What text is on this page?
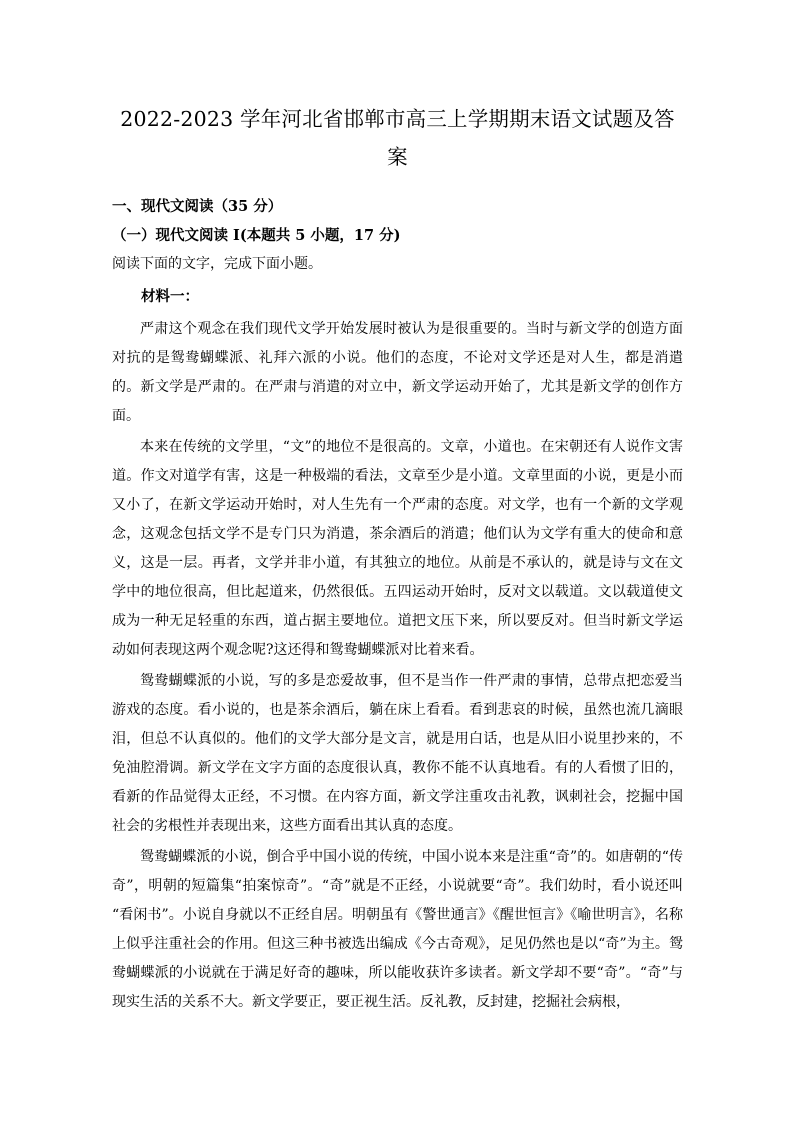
2022-2023 学年河北省邯郸市高三上学期期末语文试题及答案
一、现代文阅读（35 分）
（一）现代文阅读 I(本题共 5 小题，17 分)
阅读下面的文字，完成下面小题。
材料一：

严肃这个观念在我们现代文学开始发展时被认为是很重要的。当时与新文学的创造方面对抗的是鸳鸯蝴蝶派、礼拜六派的小说。他们的态度，不论对文学还是对人生，都是消遣的。新文学是严肃的。在严肃与消遣的对立中，新文学运动开始了，尤其是新文学的创作方面。

本来在传统的文学里，“文”的地位不是很高的。文章，小道也。在宋朝还有人说作文害道。作文对道学有害，这是一种极端的看法，文章至少是小道。文章里面的小说，更是小而又小了，在新文学运动开始时，对人生先有一个严肃的态度。对文学，也有一个新的文学观念，这观念包括文学不是专门只为消遣，茶余酒后的消遣；他们认为文学有重大的使命和意义，这是一层。再者，文学并非小道，有其独立的地位。从前是不承认的，就是诗与文在文学中的地位很高，但比起道来，仍然很低。五四运动开始时，反对文以载道。文以载道使文成为一种无足轻重的东西，道占据主要地位。道把文压下来，所以要反对。但当时新文学运动如何表现这两个观念呢?这还得和鸳鸯蝴蝶派对比着来看。

鸳鸯蝴蝶派的小说，写的多是恋爱故事，但不是当作一件严肃的事情，总带点把恋爱当游戏的态度。看小说的，也是茶余酒后，躺在床上看看。看到悲哀的时候，虽然也流几滴眼泪，但总不认真似的。他们的文学大部分是文言，就是用白话，也是从旧小说里抄来的，不免油腔滑调。新文学在文字方面的态度很认真，教你不能不认真地看。有的人看惯了旧的，看新的作品觉得太正经，不习惯。在内容方面，新文学注重攻击礼教，讽刺社会，挖掘中国社会的劣根性并表现出来，这些方面看出其认真的态度。

鸳鸯蝴蝶派的小说，倒合乎中国小说的传统，中国小说本来是注重“奇”的。如唐朝的“传奇”，明朝的短篇集“拍案惊奇”。“奇”就是不正经，小说就要“奇”。我们幼时，看小说还叫“看闲书”。小说自身就以不正经自居。明朝虽有《警世通言》《醒世恒言》《喻世明言》，名称上似乎注重社会的作用。但这三种书被选出编成《今古奇观》，足见仍然也是以“奇”为主。鸳鸯蝴蝶派的小说就在于满足好奇的趣味，所以能收获许多读者。新文学却不要“奇”。“奇”与现实生活的关系不大。新文学要正，要正视生活。反礼教，反封建，挖掘社会病根，
